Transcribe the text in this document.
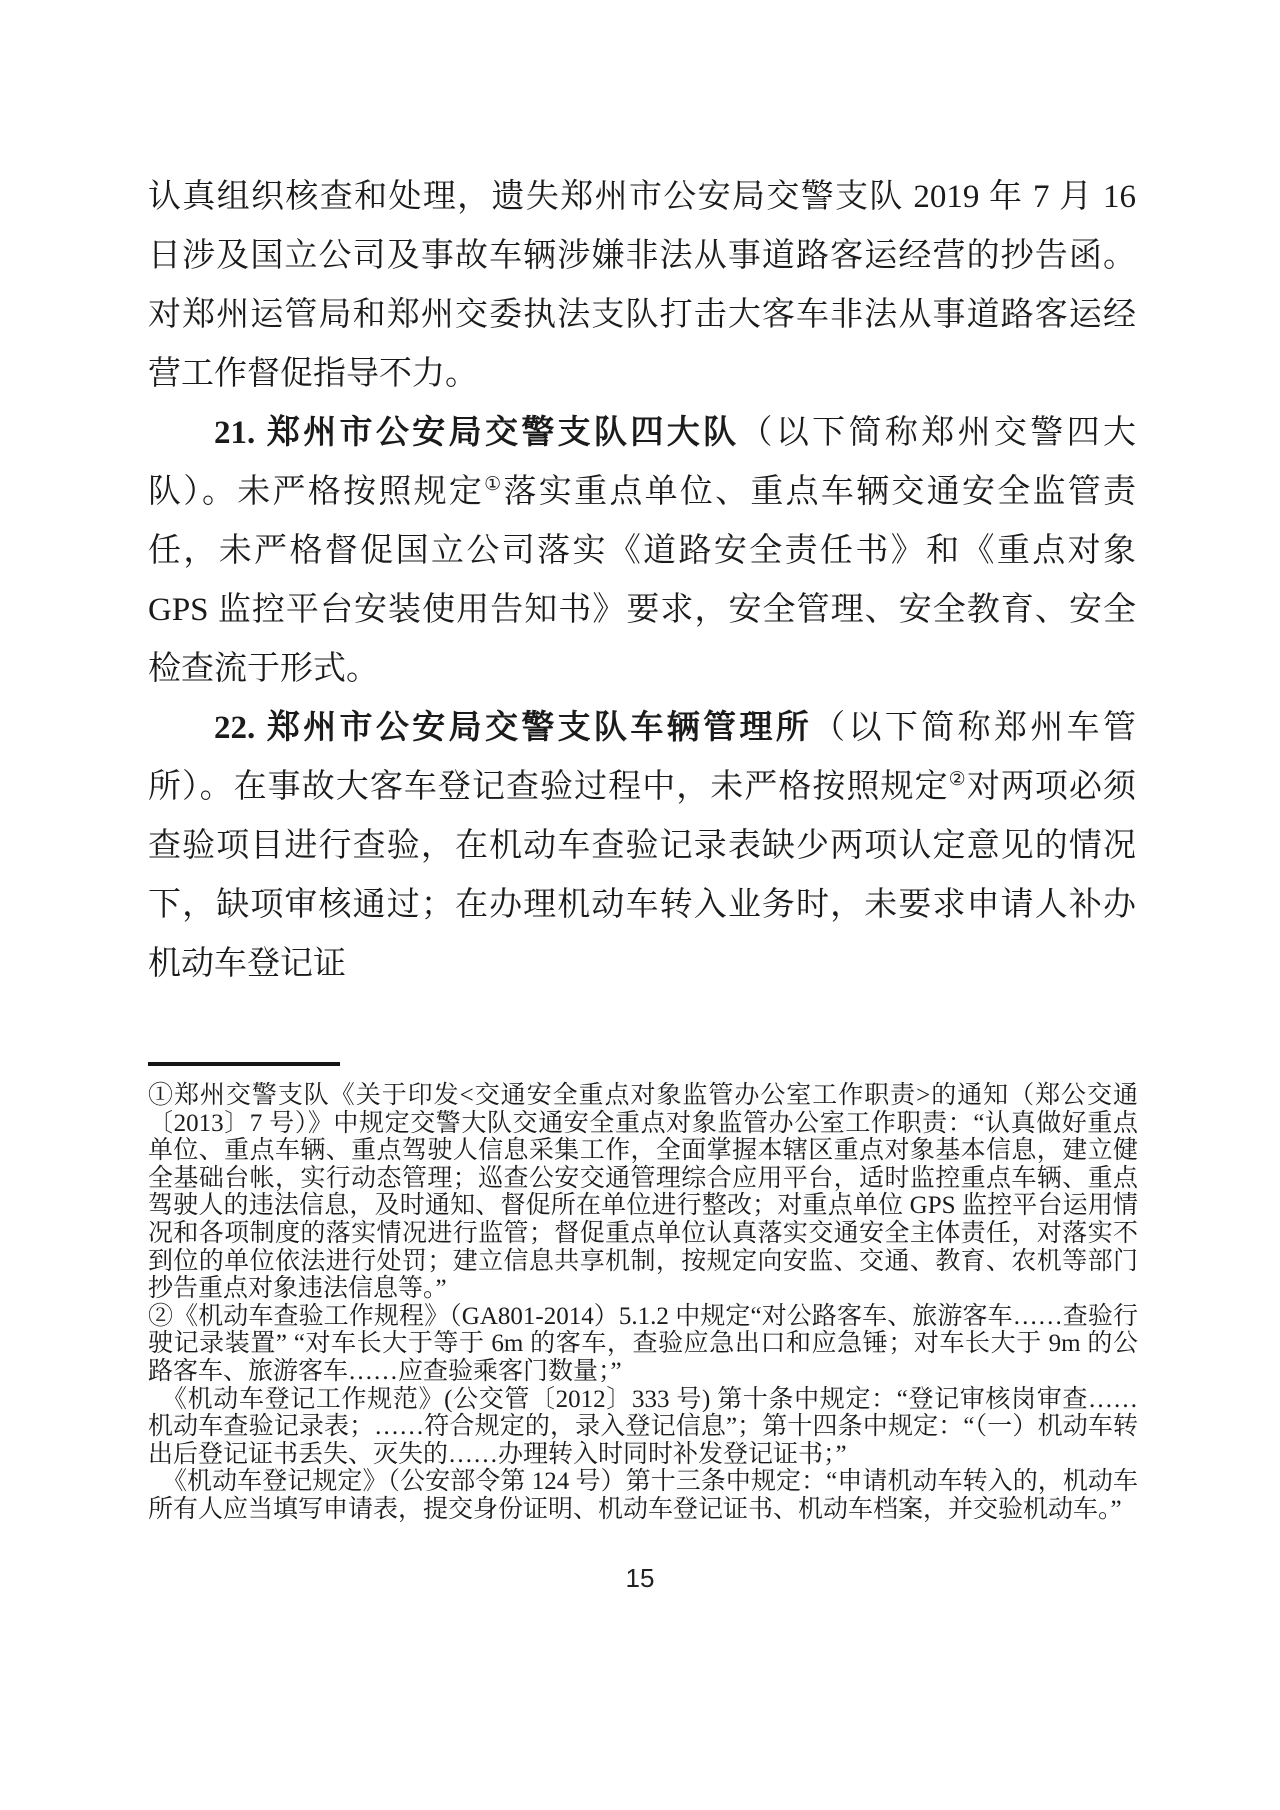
认真组织核查和处理，遗失郑州市公安局交警支队 2019 年 7 月 16 日涉及国立公司及事故车辆涉嫌非法从事道路客运经营的抄告函。对郑州运管局和郑州交委执法支队打击大客车非法从事道路客运经营工作督促指导不力。

21. 郑州市公安局交警支队四大队（以下简称郑州交警四大队）。未严格按照规定①落实重点单位、重点车辆交通安全监管责任，未严格督促国立公司落实《道路安全责任书》和《重点对象 GPS 监控平台安装使用告知书》要求，安全管理、安全教育、安全检查流于形式。

22. 郑州市公安局交警支队车辆管理所（以下简称郑州车管所）。在事故大客车登记查验过程中，未严格按照规定②对两项必须查验项目进行查验，在机动车查验记录表缺少两项认定意见的情况下，缺项审核通过；在办理机动车转入业务时，未要求申请人补办机动车登记证

①郑州交警支队《关于印发<交通安全重点对象监管办公室工作职责>的通知（郑公交通〔2013〕7 号）》中规定交警大队交通安全重点对象监管办公室工作职责：“认真做好重点单位、重点车辆、重点驾驶人信息采集工作，全面掌握本辖区重点对象基本信息，建立健全基础台帐，实行动态管理；巡查公安交通管理综合应用平台，适时监控重点车辆、重点驾驶人的违法信息，及时通知、督促所在单位进行整改；对重点单位 GPS 监控平台运用情况和各项制度的落实情况进行监管；督促重点单位认真落实交通安全主体责任，对落实不到位的单位依法进行处罚；建立信息共享机制，按规定向安监、交通、教育、农机等部门抄告重点对象违法信息等。”

②《机动车查验工作规程》（GA801-2014）5.1.2 中规定“对公路客车、旅游客车……查验行驶记录装置” “对车长大于等于 6m 的客车，查验应急出口和应急锤；对车长大于 9m 的公路客车、旅游客车……应查验乘客门数量；”

《机动车登记工作规范》(公交管〔2012〕333 号) 第十条中规定：“登记审核岗审查……机动车查验记录表；……符合规定的，录入登记信息”；第十四条中规定：“（一）机动车转出后登记证书丢失、灭失的……办理转入时同时补发登记证书；”

《机动车登记规定》（公安部令第 124 号）第十三条中规定：“申请机动车转入的，机动车所有人应当填写申请表，提交身份证明、机动车登记证书、机动车档案，并交验机动车。”

15
